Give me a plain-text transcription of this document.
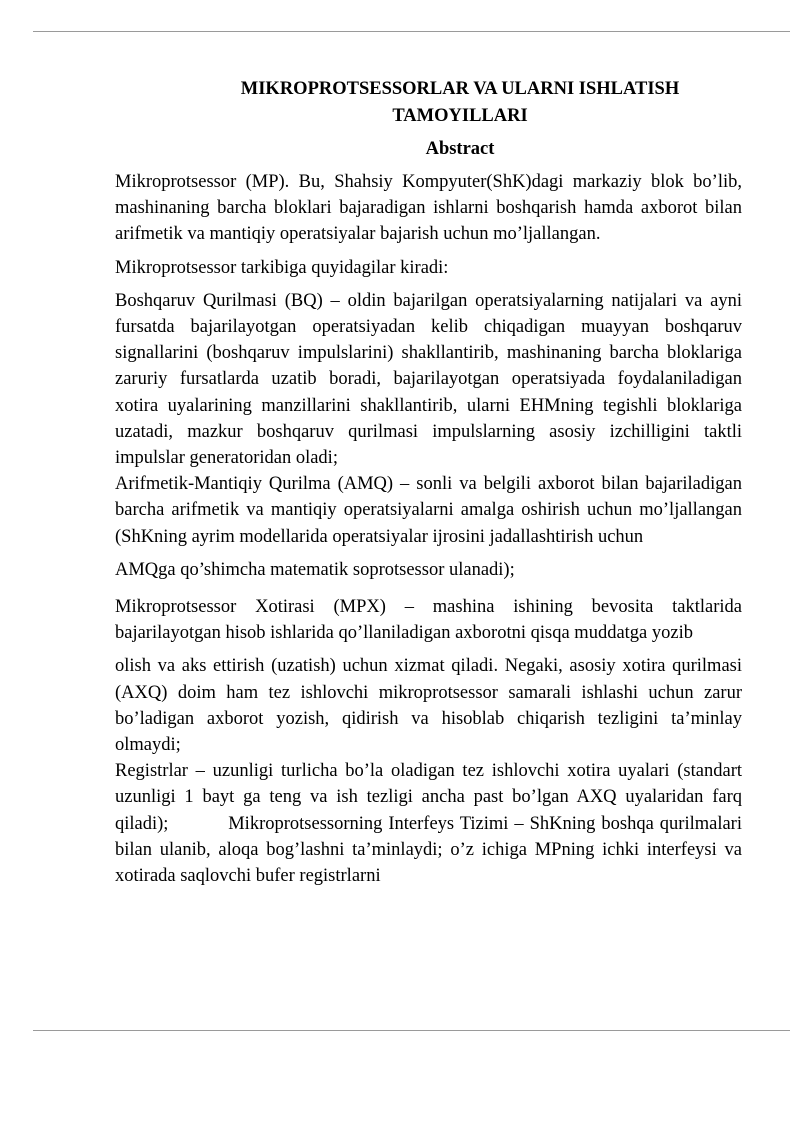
MIKROPROTSESSORLAR VA ULARNI ISHLATISH TAMOYILLARI
Abstract

Mikroprotsessor (MP). Bu, Shahsiy Kompyuter(ShK)dagi markaziy blok bo’lib, mashinaning barcha bloklari bajaradigan ishlarni boshqarish hamda axborot bilan arifmetik va mantiqiy operatsiyalar bajarish uchun mo’ljallangan.

Mikroprotsessor tarkibiga quyidagilar kiradi:

Boshqaruv Qurilmasi (BQ) – oldin bajarilgan operatsiyalarning natijalari va ayni fursatda bajarilayotgan operatsiyadan kelib chiqadigan muayyan boshqaruv signallarini (boshqaruv impulslarini) shakllantirib, mashinaning barcha bloklariga zaruriy fursatlarda uzatib boradi, bajarilayotgan operatsiyada foydalaniladigan xotira uyalarining manzillarini shakllantirib, ularni EHMning tegishli bloklariga uzatadi, mazkur boshqaruv qurilmasi impulslarning asosiy izchilligini taktli impulslar generatoridan oladi;

Arifmetik-Mantiqiy Qurilma (AMQ) – sonli va belgili axborot bilan bajariladigan barcha arifmetik va mantiqiy operatsiyalarni amalga oshirish uchun mo’ljallangan (ShKning ayrim modellarida operatsiyalar ijrosini jadallashtirish uchun

AMQga qo’shimcha matematik soprotsessor ulanadi);

Mikroprotsessor Xotirasi (MPX) – mashina ishining bevosita taktlarida bajarilayotgan hisob ishlarida qo’llaniladigan axborotni qisqa muddatga yozib

olish va aks ettirish (uzatish) uchun xizmat qiladi. Negaki, asosiy xotira qurilmasi (AXQ) doim ham tez ishlovchi mikroprotsessor samarali ishlashi uchun zarur bo’ladigan axborot yozish, qidirish va hisoblab chiqarish tezligini ta’minlay olmaydi;

Registrlar – uzunligi turlicha bo’la oladigan tez ishlovchi xotira uyalari (standart uzunligi 1 bayt ga teng va ish tezligi ancha past bo’lgan AXQ uyalaridan farq qiladi);          Mikroprotsessorning Interfeys Tizimi – ShKning boshqa qurilmalari bilan ulanib, aloqa bog’lashni ta’minlaydi; o’z ichiga MPning ichki interfeysi va xotirada saqlovchi bufer registrlarni
